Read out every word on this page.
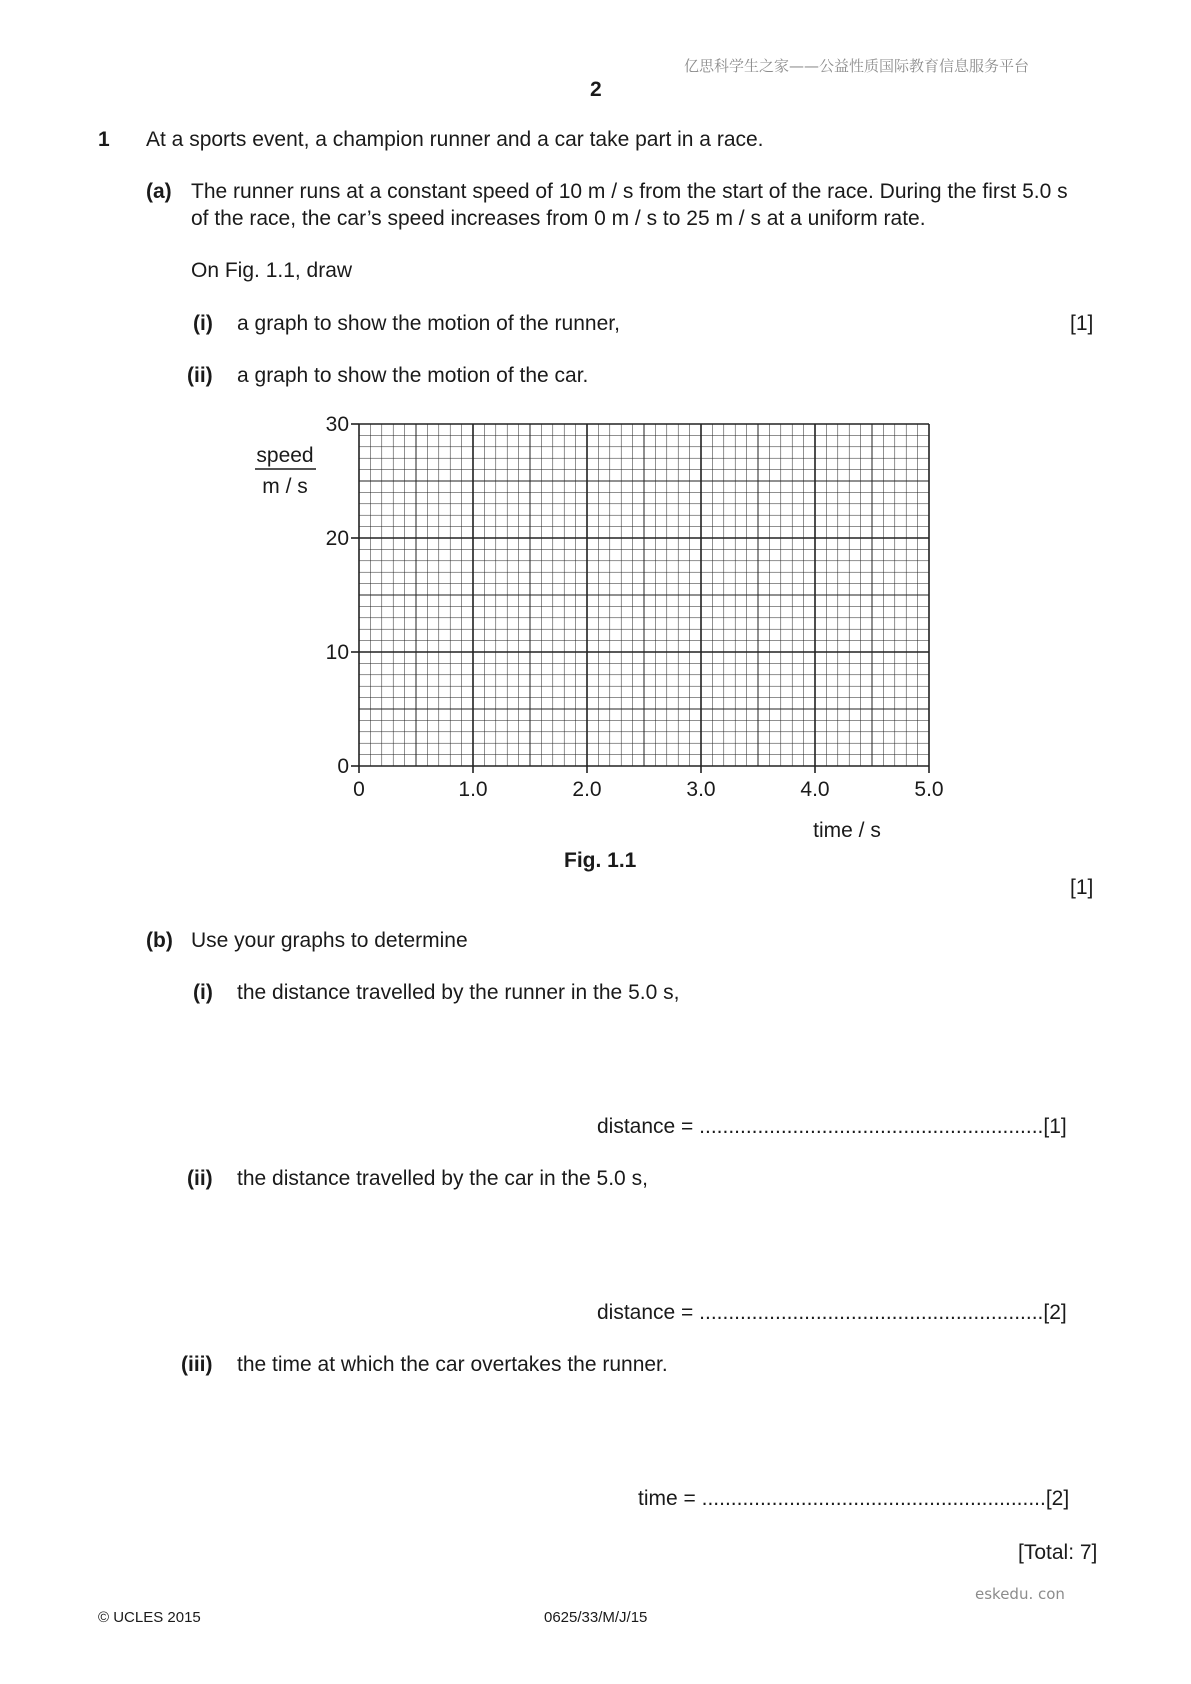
亿思科学生之家——公益性质国际教育信息服务平台
2
1 At a sports event, a champion runner and a car take part in a race.
(a) The runner runs at a constant speed of 10 m / s from the start of the race. During the first 5.0 s
of the race, the car’s speed increases from 0 m / s to 25 m / s at a uniform rate.
On Fig. 1.1, draw
(i) a graph to show the motion of the runner,	[1]
(ii) a graph to show the motion of the car.
0	1.0	2.0	3.0	4.0	5.0
0
10
20
30
speed
m / s
time / s
Fig. 1.1
[1]
(b) Use your graphs to determine
(i) the distance travelled by the runner in the 5.0 s,
distance = ...........................................................[1]
(ii) the distance travelled by the car in the 5.0 s,
distance = ...........................................................[2]
(iii) the time at which the car overtakes the runner.
time = ...........................................................[2]
[Total: 7]
eskedu. con
© UCLES 2015	0625/33/M/J/15
